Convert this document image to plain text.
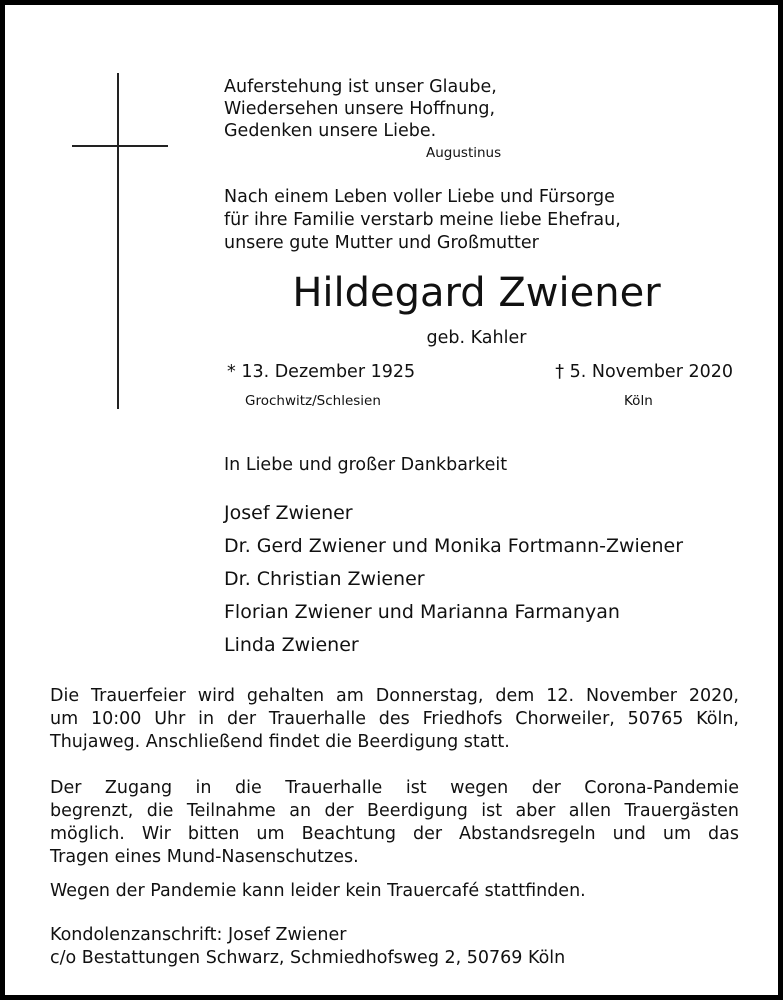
Auferstehung ist unser Glaube,
Wiedersehen unsere Hoffnung,
Gedenken unsere Liebe.
Augustinus
Nach einem Leben voller Liebe und Fürsorge
für ihre Familie verstarb meine liebe Ehefrau,
unsere gute Mutter und Großmutter
Hildegard Zwiener
geb. Kahler
* 13. Dezember 1925	† 5. November 2020
Grochwitz/Schlesien	Köln
In Liebe und großer Dankbarkeit
Josef Zwiener
Dr. Gerd Zwiener und Monika Fortmann-Zwiener
Dr. Christian Zwiener
Florian Zwiener und Marianna Farmanyan
Linda Zwiener
Die Trauerfeier wird gehalten am Donnerstag, dem 12. November 2020,
um 10:00 Uhr in der Trauerhalle des Friedhofs Chorweiler, 50765 Köln,
Thujaweg. Anschließend findet die Beerdigung statt.
Der Zugang in die Trauerhalle ist wegen der Corona-Pandemie
begrenzt, die Teilnahme an der Beerdigung ist aber allen Trauergästen
möglich. Wir bitten um Beachtung der Abstandsregeln und um das
Tragen eines Mund-Nasenschutzes.
Wegen der Pandemie kann leider kein Trauercafé stattfinden.
Kondolenzanschrift: Josef Zwiener
c/o Bestattungen Schwarz, Schmiedhofsweg 2, 50769 Köln
